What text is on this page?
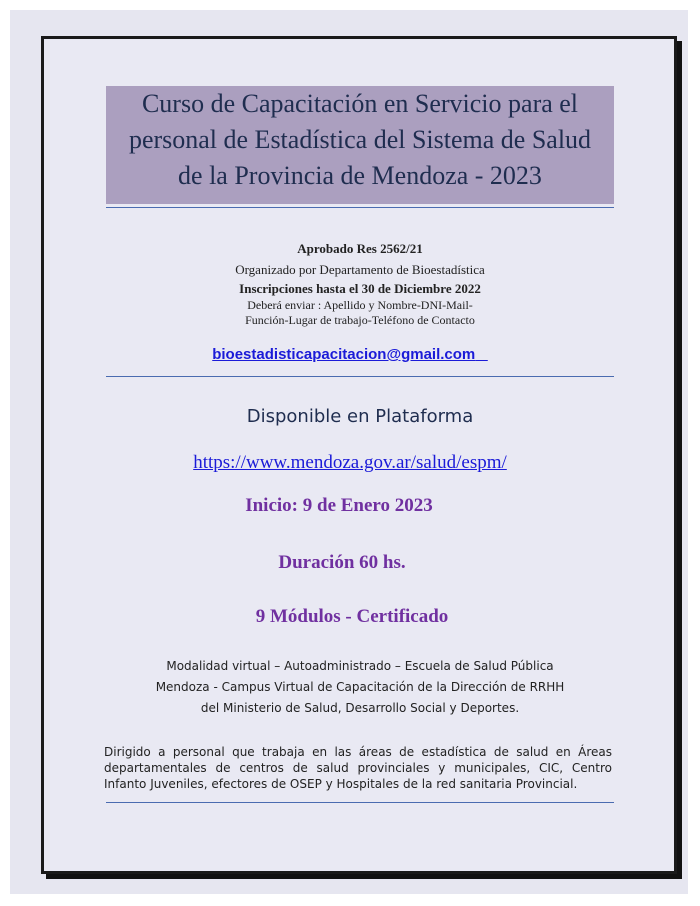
Curso de Capacitación en Servicio para el
personal de Estadística del Sistema de Salud
de la Provincia de Mendoza - 2023
Aprobado Res 2562/21
Organizado por Departamento de Bioestadística
Inscripciones hasta el 30 de Diciembre 2022
Deberá enviar : Apellido y Nombre-DNI-Mail-
Función-Lugar de trabajo-Teléfono de Contacto
bioestadisticapacitacion@gmail.com
Disponible en Plataforma
https://www.mendoza.gov.ar/salud/espm/
Inicio: 9 de Enero 2023
Duración 60 hs.
9 Módulos - Certificado
Modalidad virtual – Autoadministrado – Escuela de Salud Pública
Mendoza - Campus Virtual de Capacitación de la Dirección de RRHH
del Ministerio de Salud, Desarrollo Social y Deportes.
Dirigido a personal que trabaja en las áreas de estadística de salud en Áreas departamentales de centros de salud provinciales y municipales, CIC, Centro Infanto Juveniles, efectores de OSEP y Hospitales de la red sanitaria Provincial.
